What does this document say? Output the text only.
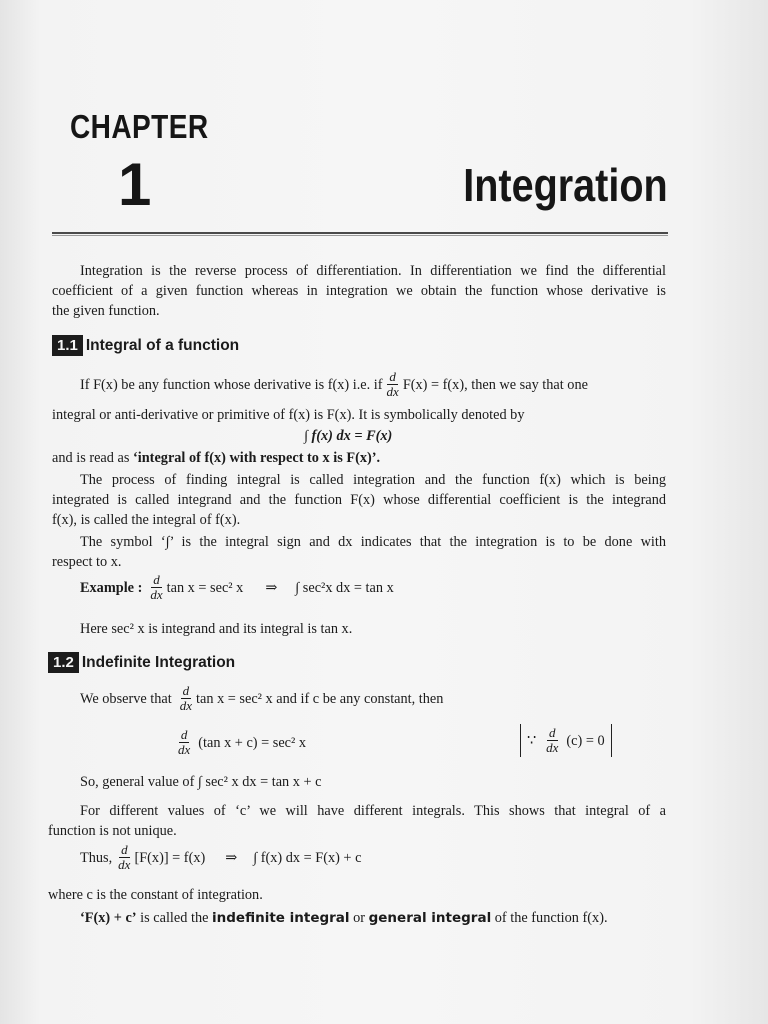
CHAPTER
1	Integration
Integration is the reverse process of differentiation. In differentiation we find the differential
coefficient of a given function whereas in integration we obtain the function whose derivative is
the given function.
1.1 Integral of a function
If F(x) be any function whose derivative is f(x) i.e. if $\frac{d}{dx} F(x) = f(x)$, then we say that one
integral or anti-derivative or primitive of f(x) is F(x). It is symbolically denoted by
∫ f(x) dx = F(x)
and is read as ‘integral of f(x) with respect to x is F(x)’.
The process of finding integral is called integration and the function f(x) which is being
integrated is called integrand and the function F(x) whose differential coefficient is the integrand
f(x), is called the integral of f(x).
The symbol ‘∫’ is the integral sign and dx indicates that the integration is to be done with
respect to x.
Example : $\frac{d}{dx}$ tan x = sec² x ⇒ ∫ sec²x dx = tan x
Here sec² x is integrand and its integral is tan x.
1.2 Indefinite Integration
We observe that $\frac{d}{dx}$ tan x = sec² x and if c be any constant, then
$\frac{d}{dx} (\tan$ x + c) = sec² x	∵ $\frac{d}{dx} (c) = 0$
So, general value of ∫ sec² x dx = tan x + c
For different values of ‘c’ we will have different integrals. This shows that integral of a
function is not unique.
Thus, $\frac{d}{dx} [F(x)] = f(x)$ ⇒ ∫ f(x) dx = F(x) + c
where c is the constant of integration.
‘F(x) + c’ is called the indefinite integral or general integral of the function f(x).
